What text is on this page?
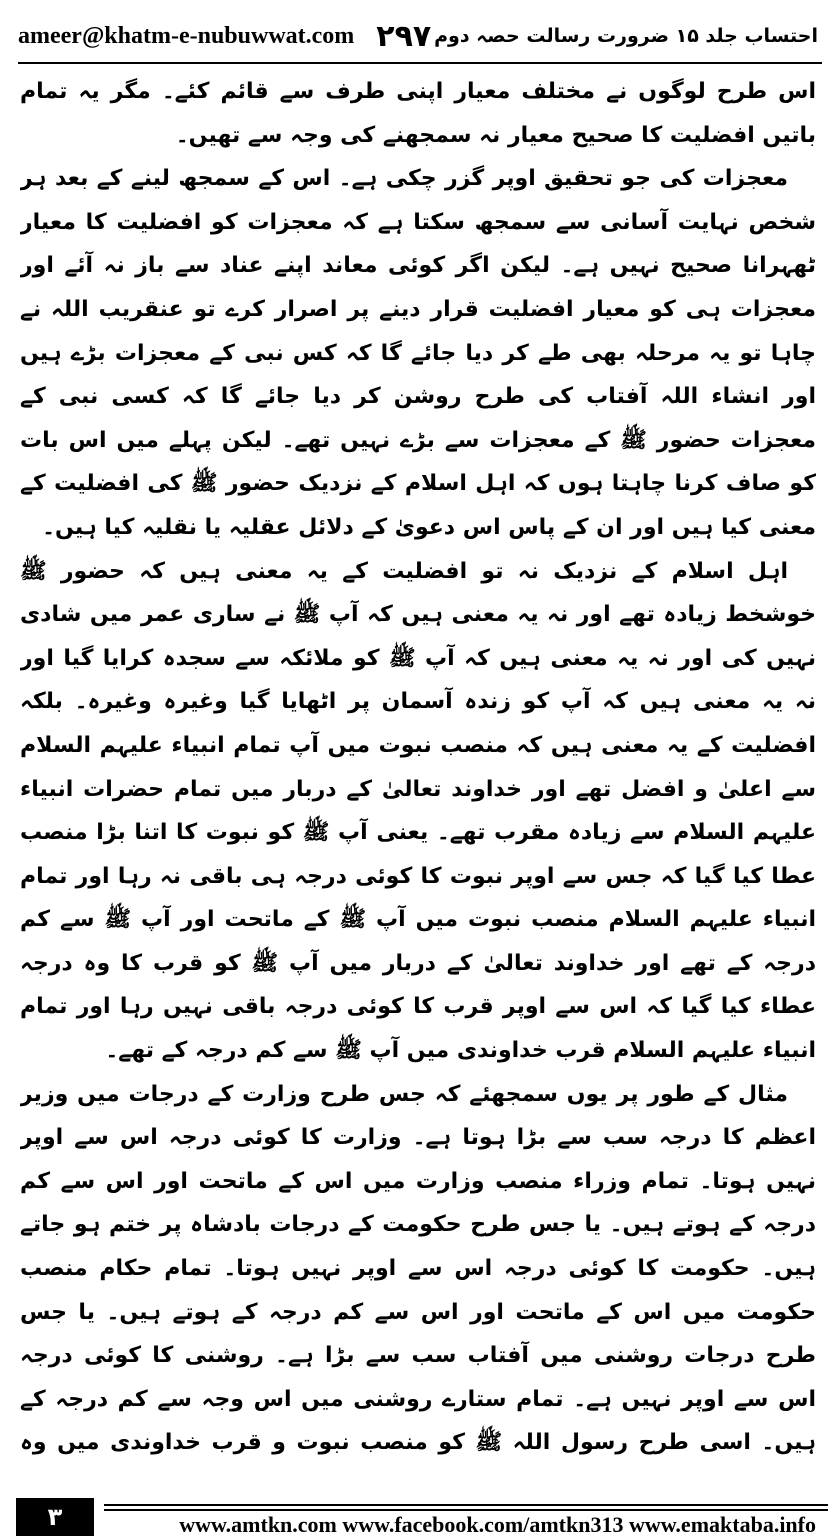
ameer@khatm-e-nubuwwat.com ۲۹۷ احتساب جلد ۱۵ ضرورت رسالت حصہ دوم

اس طرح لوگوں نے مختلف معیار اپنی طرف سے قائم کئے۔ مگر یہ تمام باتیں افضلیت کا صحیح معیار نہ سمجھنے کی وجہ سے تھیں۔

معجزات کی جو تحقیق اوپر گزر چکی ہے۔ اس کے سمجھ لینے کے بعد ہر شخص نہایت آسانی سے سمجھ سکتا ہے کہ معجزات کو افضلیت کا معیار ٹھہرانا صحیح نہیں ہے۔ لیکن اگر کوئی معاند اپنے عناد سے باز نہ آئے اور معجزات ہی کو معیار افضلیت قرار دینے پر اصرار کرے تو عنقریب اللہ نے چاہا تو یہ مرحلہ بھی طے کر دیا جائے گا کہ کس نبی کے معجزات بڑے ہیں اور انشاء اللہ آفتاب کی طرح روشن کر دیا جائے گا کہ کسی نبی کے معجزات حضور ﷺ کے معجزات سے بڑے نہیں تھے۔ لیکن پہلے میں اس بات کو صاف کرنا چاہتا ہوں کہ اہل اسلام کے نزدیک حضور ﷺ کی افضلیت کے معنی کیا ہیں اور ان کے پاس اس دعویٰ کے دلائل عقلیہ یا نقلیہ کیا ہیں۔

اہل اسلام کے نزدیک نہ تو افضلیت کے یہ معنی ہیں کہ حضور ﷺ خوشخط زیادہ تھے اور نہ یہ معنی ہیں کہ آپ ﷺ نے ساری عمر میں شادی نہیں کی اور نہ یہ معنی ہیں کہ آپ ﷺ کو ملائکہ سے سجدہ کرایا گیا اور نہ یہ معنی ہیں کہ آپ کو زندہ آسمان پر اٹھایا گیا وغیرہ وغیرہ۔ بلکہ افضلیت کے یہ معنی ہیں کہ منصب نبوت میں آپ تمام انبیاء علیہم السلام سے اعلیٰ و افضل تھے اور خداوند تعالیٰ کے دربار میں تمام حضرات انبیاء علیہم السلام سے زیادہ مقرب تھے۔ یعنی آپ ﷺ کو نبوت کا اتنا بڑا منصب عطا کیا گیا کہ جس سے اوپر نبوت کا کوئی درجہ ہی باقی نہ رہا اور تمام انبیاء علیہم السلام منصب نبوت میں آپ ﷺ کے ماتحت اور آپ ﷺ سے کم درجہ کے تھے اور خداوند تعالیٰ کے دربار میں آپ ﷺ کو قرب کا وہ درجہ عطاء کیا گیا کہ اس سے اوپر قرب کا کوئی درجہ باقی نہیں رہا اور تمام انبیاء علیہم السلام قرب خداوندی میں آپ ﷺ سے کم درجہ کے تھے۔

مثال کے طور پر یوں سمجھئے کہ جس طرح وزارت کے درجات میں وزیر اعظم کا درجہ سب سے بڑا ہوتا ہے۔ وزارت کا کوئی درجہ اس سے اوپر نہیں ہوتا۔ تمام وزراء منصب وزارت میں اس کے ماتحت اور اس سے کم درجہ کے ہوتے ہیں۔ یا جس طرح حکومت کے درجات بادشاہ پر ختم ہو جاتے ہیں۔ حکومت کا کوئی درجہ اس سے اوپر نہیں ہوتا۔ تمام حکام منصب حکومت میں اس کے ماتحت اور اس سے کم درجہ کے ہوتے ہیں۔ یا جس طرح درجات روشنی میں آفتاب سب سے بڑا ہے۔ روشنی کا کوئی درجہ اس سے اوپر نہیں ہے۔ تمام ستارے روشنی میں اس وجہ سے کم درجہ کے ہیں۔ اسی طرح رسول اللہ ﷺ کو منصب نبوت و قرب خداوندی میں وہ

۳	www.amtkn.com www.facebook.com/amtkn313 www.emaktaba.info
